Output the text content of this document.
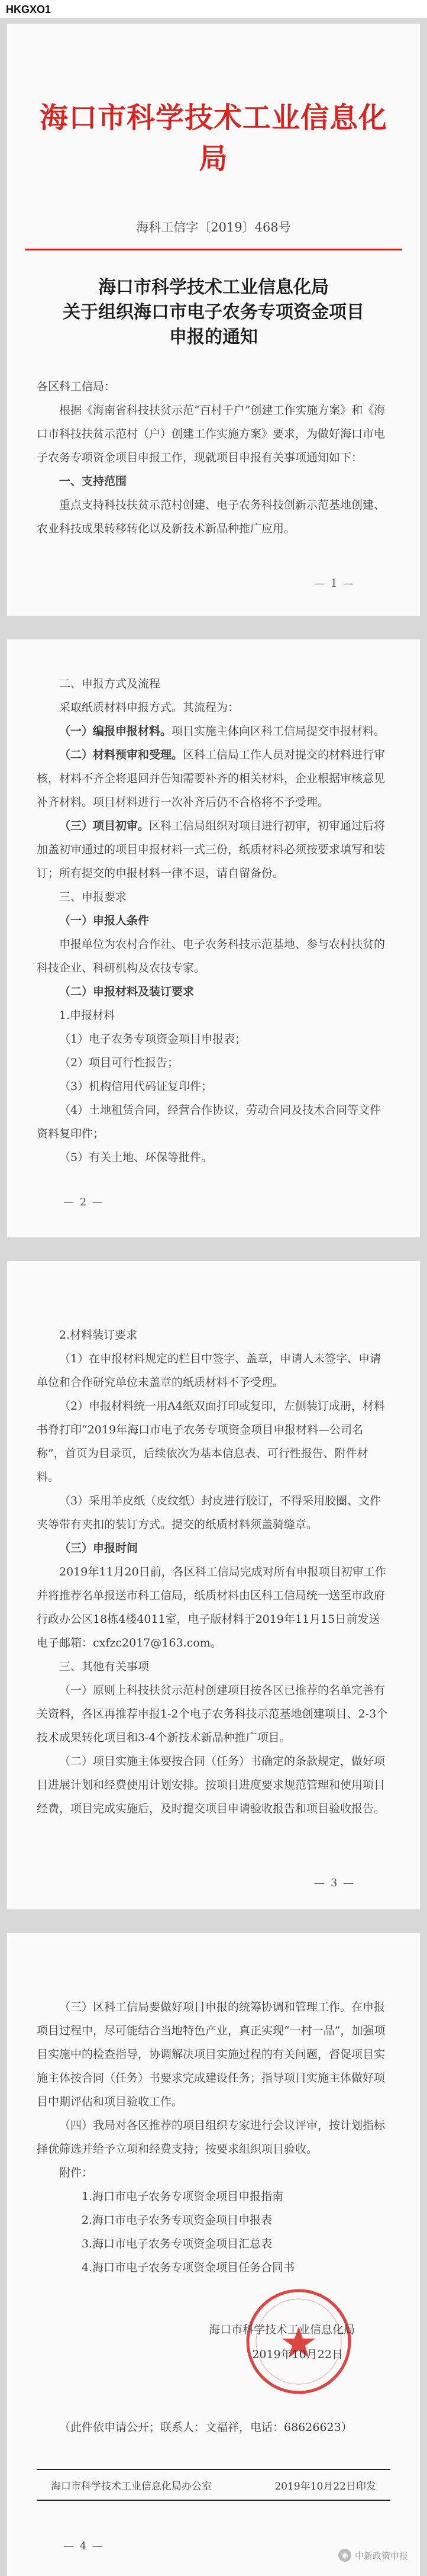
HKGXO1
海口市科学技术工业信息化局
海科工信字〔2019〕468号
海口市科学技术工业信息化局
关于组织海口市电子农务专项资金项目
申报的通知

各区科工信局：

根据《海南省科技扶贫示范“百村千户”创建工作实施方案》和《海口市科技扶贫示范村（户）创建工作实施方案》要求，为做好海口市电子农务专项资金项目申报工作，现就项目申报有关事项通知如下：

一、支持范围

重点支持科技扶贫示范村创建、电子农务科技创新示范基地创建、农业科技成果转移转化以及新技术新品种推广应用。

— 1 —

二、申报方式及流程

采取纸质材料申报方式。其流程为：

（一）编报申报材料。项目实施主体向区科工信局提交申报材料。

（二）材料预审和受理。区科工信局工作人员对提交的材料进行审核，材料不齐全将退回并告知需要补齐的相关材料，企业根据审核意见补齐材料。项目材料进行一次补齐后仍不合格将不予受理。

（三）项目初审。区科工信局组织对项目进行初审，初审通过后将加盖初审通过的项目申报材料一式三份，纸质材料必须按要求填写和装订；所有提交的申报材料一律不退，请自留备份。

三、申报要求

（一）申报人条件

申报单位为农村合作社、电子农务科技示范基地、参与农村扶贫的科技企业、科研机构及农技专家。

（二）申报材料及装订要求

1.申报材料

（1）电子农务专项资金项目申报表；

（2）项目可行性报告；

（3）机构信用代码证复印件；

（4）土地租赁合同，经营合作协议，劳动合同及技术合同等文件资料复印件；

（5）有关土地、环保等批件。

— 2 —

2.材料装订要求

（1）在申报材料规定的栏目中签字、盖章，申请人未签字、申请单位和合作研究单位未盖章的纸质材料不予受理。

（2）申报材料统一用A4纸双面打印或复印，左侧装订成册，材料书脊打印“2019年海口市电子农务专项资金项目申报材料—公司名称”，首页为目录页，后续依次为基本信息表、可行性报告、附件材料。

（3）采用羊皮纸（皮纹纸）封皮进行胶订，不得采用胶圈、文件夹等带有夹扣的装订方式。提交的纸质材料须盖骑缝章。

（三）申报时间

2019年11月20日前，各区科工信局完成对所有申报项目初审工作并将推荐名单报送市科工信局，纸质材料由区科工信局统一送至市政府行政办公区18栋4楼4011室，电子版材料于2019年11月15日前发送电子邮箱：cxfzc2017@163.com。

三、其他有关事项

（一）原则上科技扶贫示范村创建项目按各区已推荐的名单完善有关资料，各区再推荐申报1-2个电子农务科技示范基地创建项目、2-3个技术成果转化项目和3-4个新技术新品种推广项目。

（二）项目实施主体要按合同（任务）书确定的条款规定，做好项目进展计划和经费使用计划安排。按项目进度要求规范管理和使用项目经费，项目完成实施后，及时提交项目申请验收报告和项目验收报告。

— 3 —

（三）区科工信局要做好项目申报的统筹协调和管理工作。在申报项目过程中，尽可能结合当地特色产业，真正实现“一村一品”，加强项目实施中的检查指导，协调解决项目实施过程的有关问题，督促项目实施主体按合同（任务）书要求完成建设任务；指导项目实施主体做好项目中期评估和项目验收工作。

（四）我局对各区推荐的项目组织专家进行会议评审，按计划指标择优筛选并给予立项和经费支持；按要求组织项目验收。

附件：

1.海口市电子农务专项资金项目申报指南

2.海口市电子农务专项资金项目申报表

3.海口市电子农务专项资金项目汇总表

4.海口市电子农务专项资金项目任务合同书

海口市科学技术工业信息化局
2019年10月22日

（此件依申请公开；联系人：文福祥，电话：68626623）

海口市科学技术工业信息化局办公室	2019年10月22日印发
— 4 —
◉ 中新政策申报
